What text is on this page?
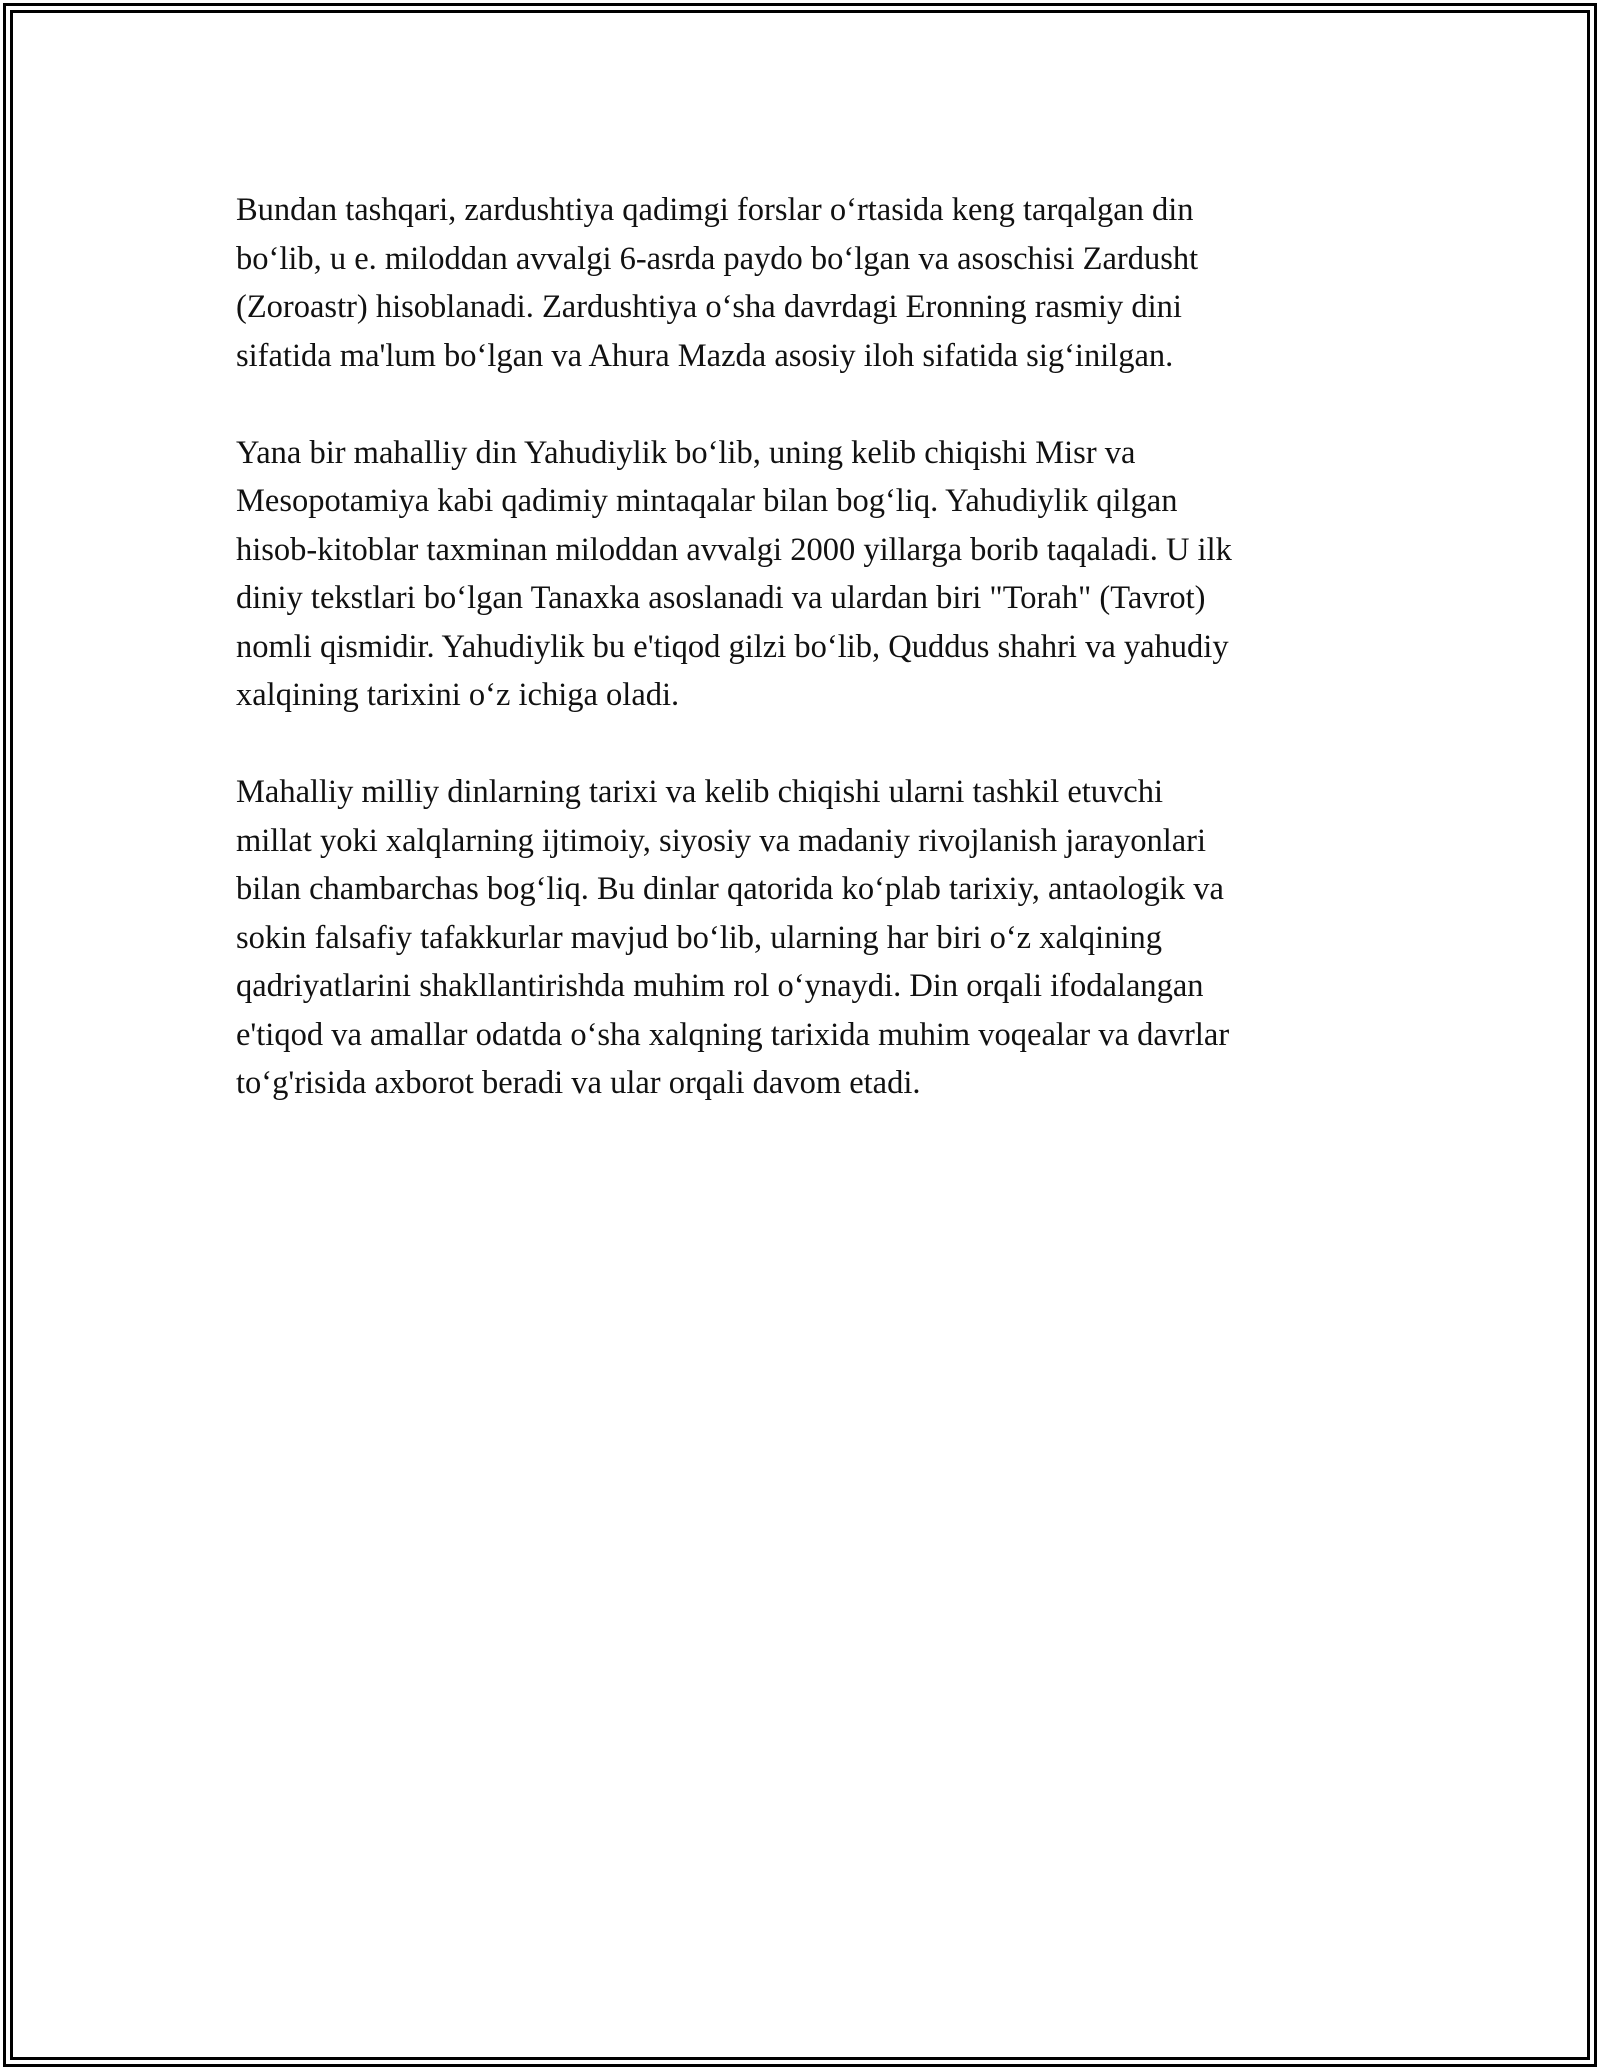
Bundan tashqari, zardushtiya qadimgi forslar o‘rtasida keng tarqalgan din
bo‘lib, u e. miloddan avvalgi 6-asrda paydo bo‘lgan va asoschisi Zardusht
(Zoroastr) hisoblanadi. Zardushtiya o‘sha davrdagi Eronning rasmiy dini
sifatida ma'lum bo‘lgan va Ahura Mazda asosiy iloh sifatida sig‘inilgan.

Yana bir mahalliy din Yahudiylik bo‘lib, uning kelib chiqishi Misr va
Mesopotamiya kabi qadimiy mintaqalar bilan bog‘liq. Yahudiylik qilgan
hisob-kitoblar taxminan miloddan avvalgi 2000 yillarga borib taqaladi. U ilk
diniy tekstlari bo‘lgan Tanaxka asoslanadi va ulardan biri "Torah" (Tavrot)
nomli qismidir. Yahudiylik bu e'tiqod gilzi bo‘lib, Quddus shahri va yahudiy
xalqining tarixini o‘z ichiga oladi.

Mahalliy milliy dinlarning tarixi va kelib chiqishi ularni tashkil etuvchi
millat yoki xalqlarning ijtimoiy, siyosiy va madaniy rivojlanish jarayonlari
bilan chambarchas bog‘liq. Bu dinlar qatorida ko‘plab tarixiy, antaologik va
sokin falsafiy tafakkurlar mavjud bo‘lib, ularning har biri o‘z xalqining
qadriyatlarini shakllantirishda muhim rol o‘ynaydi. Din orqali ifodalangan
e'tiqod va amallar odatda o‘sha xalqning tarixida muhim voqealar va davrlar
to‘g'risida axborot beradi va ular orqali davom etadi.
